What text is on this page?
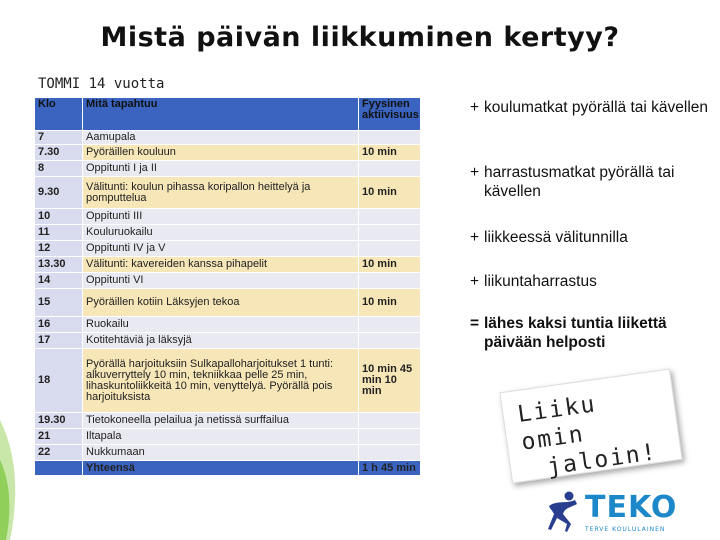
Mistä päivän liikkuminen kertyy?
TOMMI 14 vuotta
Klo	Mitä tapahtuu	Fyysinen aktiivisuus
7	Aamupala	
7.30	Pyöräillen kouluun	10 min
8	Oppitunti I ja II	
9.30	Välitunti: koulun pihassa koripallon heittelyä ja pomputtelua	10 min
10	Oppitunti III	
11	Kouluruokailu	
12	Oppitunti IV ja V	
13.30	Välitunti: kavereiden kanssa pihapelit	10 min
14	Oppitunti VI	
15	Pyöräillen kotiin Läksyjen tekoa	10 min
16	Ruokailu	
17	Kotitehtäviä ja läksyjä	
18	Pyörällä harjoituksiin Sulkapalloharjoitukset 1 tunti: alkuverryttely 10 min, tekniikkaa pelle 25 min, lihaskuntoliikkeitä 10 min, venyttelyä. Pyörällä pois harjoituksista	10 min 45 min 10 min
19.30	Tietokoneella pelailua ja netissä surffailua	
21	Iltapala	
22	Nukkumaan	
	Yhteensä	1 h 45 min
+ koulumatkat pyörällä tai kävellen
+ harrastusmatkat pyörällä tai kävellen
+ liikkeessä välitunnilla
+ liikuntaharrastus
= lähes kaksi tuntia liikettä päivään helposti
Liiku omin
jaloin!
TEKO
TERVE KOULULAINEN
